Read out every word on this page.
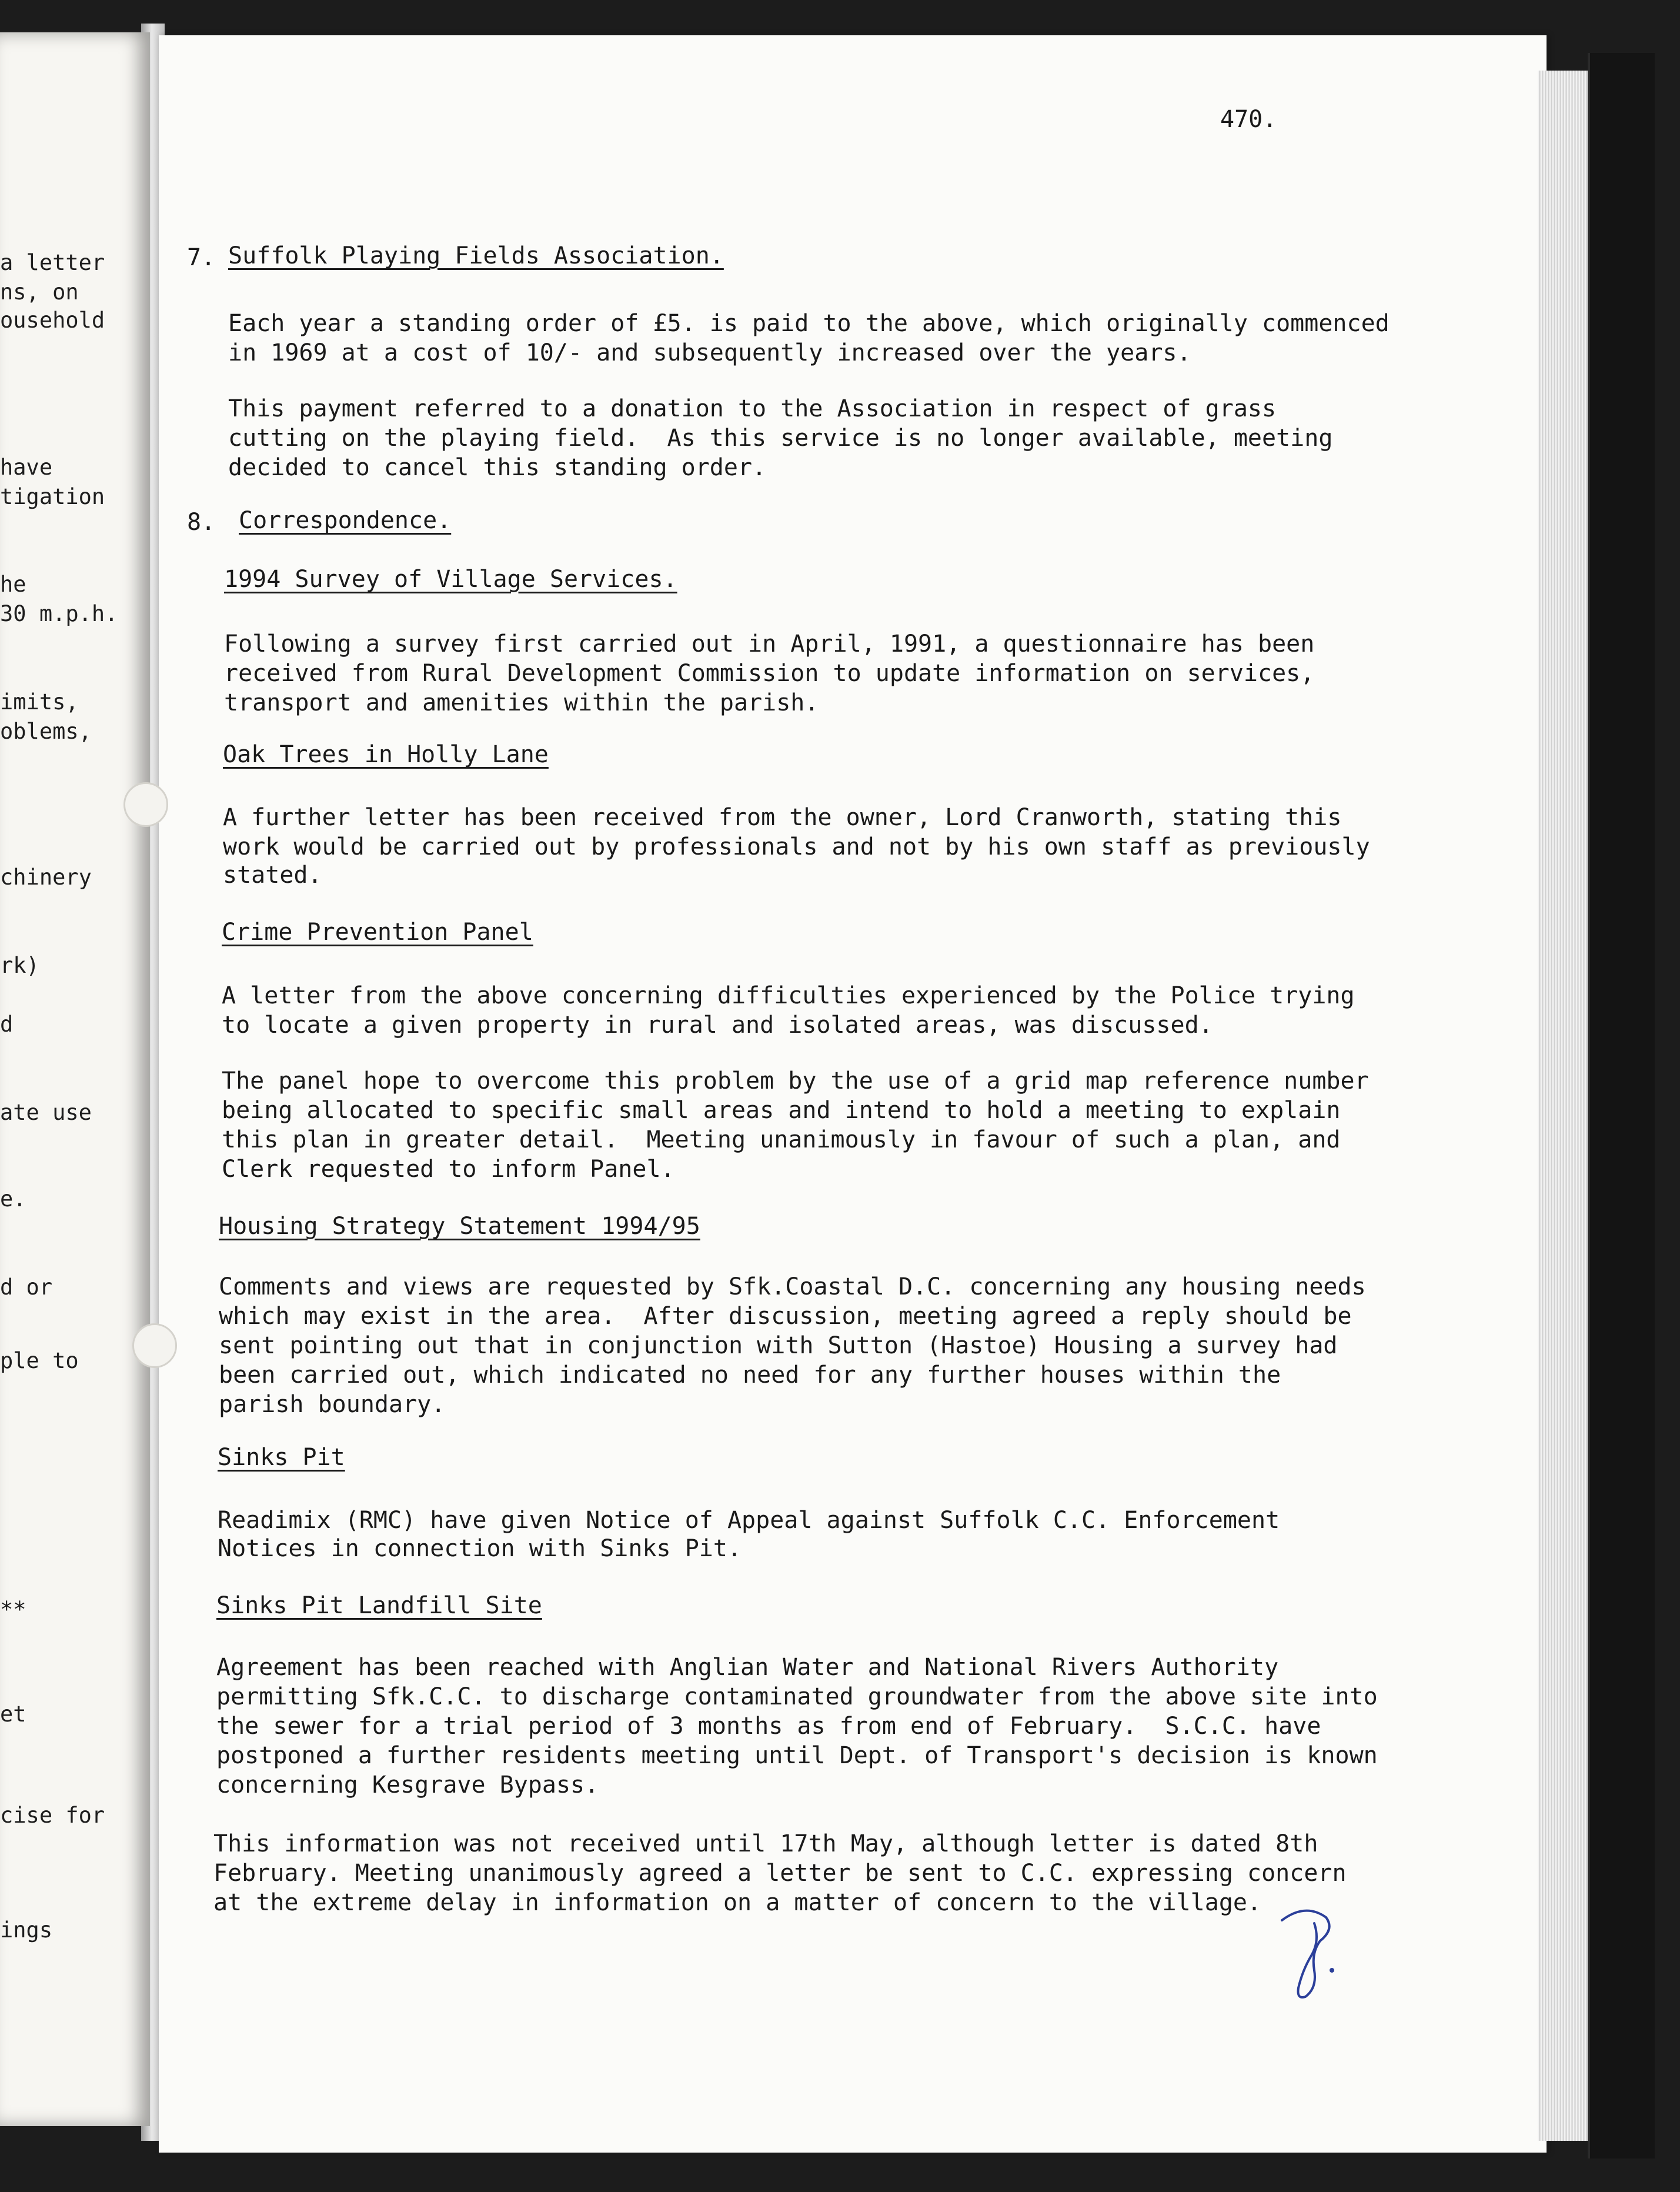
a letter
ns, on
ousehold
have
tigation
he
30 m.p.h.
imits,
oblems,
chinery
rk)
d
ate use
e.
d or
ple to
**
et
cise for
ings
470.
7. Suffolk Playing Fields Association.
Each year a standing order of £5. is paid to the above, which originally commenced
in 1969 at a cost of 10/- and subsequently increased over the years.
This payment referred to a donation to the Association in respect of grass
cutting on the playing field.  As this service is no longer available, meeting
decided to cancel this standing order.
8. Correspondence.
1994 Survey of Village Services.
Following a survey first carried out in April, 1991, a questionnaire has been
received from Rural Development Commission to update information on services,
transport and amenities within the parish.
Oak Trees in Holly Lane
A further letter has been received from the owner, Lord Cranworth, stating this
work would be carried out by professionals and not by his own staff as previously
stated.
Crime Prevention Panel
A letter from the above concerning difficulties experienced by the Police trying
to locate a given property in rural and isolated areas, was discussed.
The panel hope to overcome this problem by the use of a grid map reference number
being allocated to specific small areas and intend to hold a meeting to explain
this plan in greater detail.  Meeting unanimously in favour of such a plan, and
Clerk requested to inform Panel.
Housing Strategy Statement 1994/95
Comments and views are requested by Sfk.Coastal D.C. concerning any housing needs
which may exist in the area.  After discussion, meeting agreed a reply should be
sent pointing out that in conjunction with Sutton (Hastoe) Housing a survey had
been carried out, which indicated no need for any further houses within the
parish boundary.
Sinks Pit
Readimix (RMC) have given Notice of Appeal against Suffolk C.C. Enforcement
Notices in connection with Sinks Pit.
Sinks Pit Landfill Site
Agreement has been reached with Anglian Water and National Rivers Authority
permitting Sfk.C.C. to discharge contaminated groundwater from the above site into
the sewer for a trial period of 3 months as from end of February.  S.C.C. have
postponed a further residents meeting until Dept. of Transport's decision is known
concerning Kesgrave Bypass.
This information was not received until 17th May, although letter is dated 8th
February. Meeting unanimously agreed a letter be sent to C.C. expressing concern
at the extreme delay in information on a matter of concern to the village.
